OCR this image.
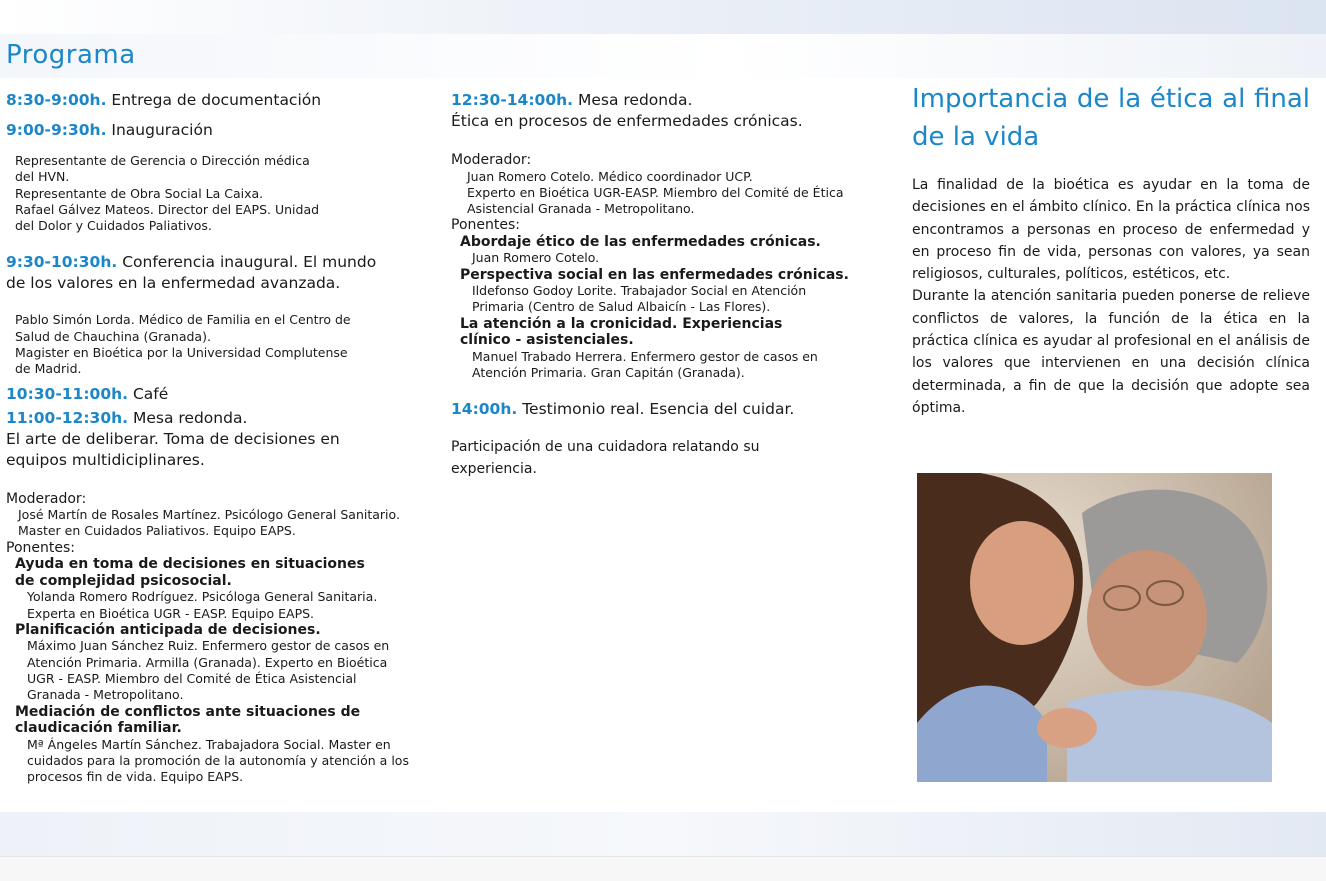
Programa
8:30-9:00h. Entrega de documentación
9:00-9:30h. Inauguración
Representante de Gerencia o Dirección médica
del HVN.
Representante de Obra Social La Caixa.
Rafael Gálvez Mateos. Director del EAPS. Unidad
del Dolor y Cuidados Paliativos.
9:30-10:30h. Conferencia inaugural. El mundo
de los valores en la enfermedad avanzada.
Pablo Simón Lorda. Médico de Familia en el Centro de
Salud de Chauchina (Granada).
Magister en Bioética por la Universidad Complutense
de Madrid.
10:30-11:00h. Café
11:00-12:30h. Mesa redonda.
El arte de deliberar. Toma de decisiones en
equipos multidiciplinares.
Moderador:
José Martín de Rosales Martínez. Psicólogo General Sanitario.
Master en Cuidados Paliativos. Equipo EAPS.
Ponentes:
Ayuda en toma de decisiones en situaciones
de complejidad psicosocial.
Yolanda Romero Rodríguez. Psicóloga General Sanitaria.
Experta en Bioética UGR - EASP. Equipo EAPS.
Planificación anticipada de decisiones.
Máximo Juan Sánchez Ruiz. Enfermero gestor de casos en
Atención Primaria. Armilla (Granada). Experto en Bioética
UGR - EASP. Miembro del Comité de Ética Asistencial
Granada - Metropolitano.
Mediación de conflictos ante situaciones de
claudicación familiar.
Mª Ángeles Martín Sánchez. Trabajadora Social. Master en
cuidados para la promoción de la autonomía y atención a los
procesos fin de vida. Equipo EAPS.
12:30-14:00h. Mesa redonda.
Ética en procesos de enfermedades crónicas.
Moderador:
Juan Romero Cotelo. Médico coordinador UCP.
Experto en Bioética UGR-EASP. Miembro del Comité de Ética
Asistencial Granada - Metropolitano.
Ponentes:
Abordaje ético de las enfermedades crónicas.
Juan Romero Cotelo.
Perspectiva social en las enfermedades crónicas.
Ildefonso Godoy Lorite. Trabajador Social en Atención
Primaria (Centro de Salud Albaicín - Las Flores).
La atención a la cronicidad. Experiencias
clínico - asistenciales.
Manuel Trabado Herrera. Enfermero gestor de casos en
Atención Primaria. Gran Capitán (Granada).
14:00h. Testimonio real. Esencia del cuidar.
Participación de una cuidadora relatando su
experiencia.
Importancia de la ética al final de la vida

La finalidad de la bioética es ayudar en la toma de decisiones en el ámbito clínico. En la práctica clínica nos encontramos a personas en proceso de enfermedad y en proceso fin de vida, personas con valores, ya sean religiosos, culturales, políticos, estéticos, etc.

Durante la atención sanitaria pueden ponerse de relieve conflictos de valores, la función de la ética en la práctica clínica es ayudar al profesional en el análisis de los valores que intervienen en una decisión clínica determinada, a fin de que la decisión que adopte sea óptima.
